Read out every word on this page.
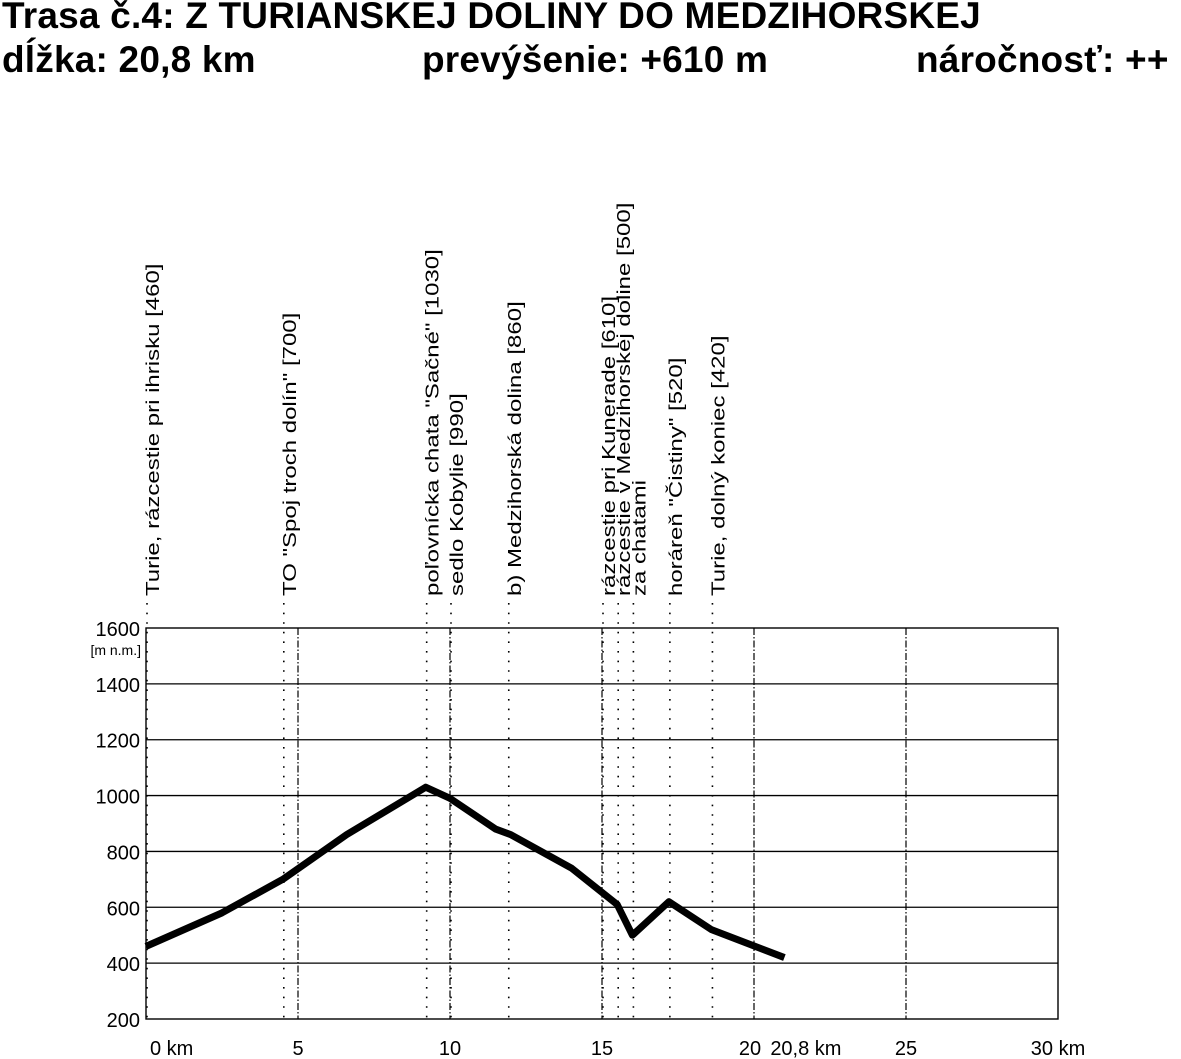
Trasa č.4: Z TURIANSKEJ DOLINY DO MEDZIHORSKEJ
dĺžka: 20,8 km	prevýšenie: +610 m	náročnosť: ++
200
400
600
800
1000
1200
1400
1600
[m n.m.]
0 km	5	10	15	20 20,8 km	25	30 km
Turie, rázcestie pri ihrisku [460]	TO "Spoj troch dolín" [700]	poľovnícka chata "Sačné" [1030] sedlo Kobylie [990] b) Medzihorská dolina [860]	rázcestie pri Kunerade [610]
rázcestie v Medzihorskej doline [500]
za chatami horáreň "Čistiny" [520] Turie, dolný koniec [420]
